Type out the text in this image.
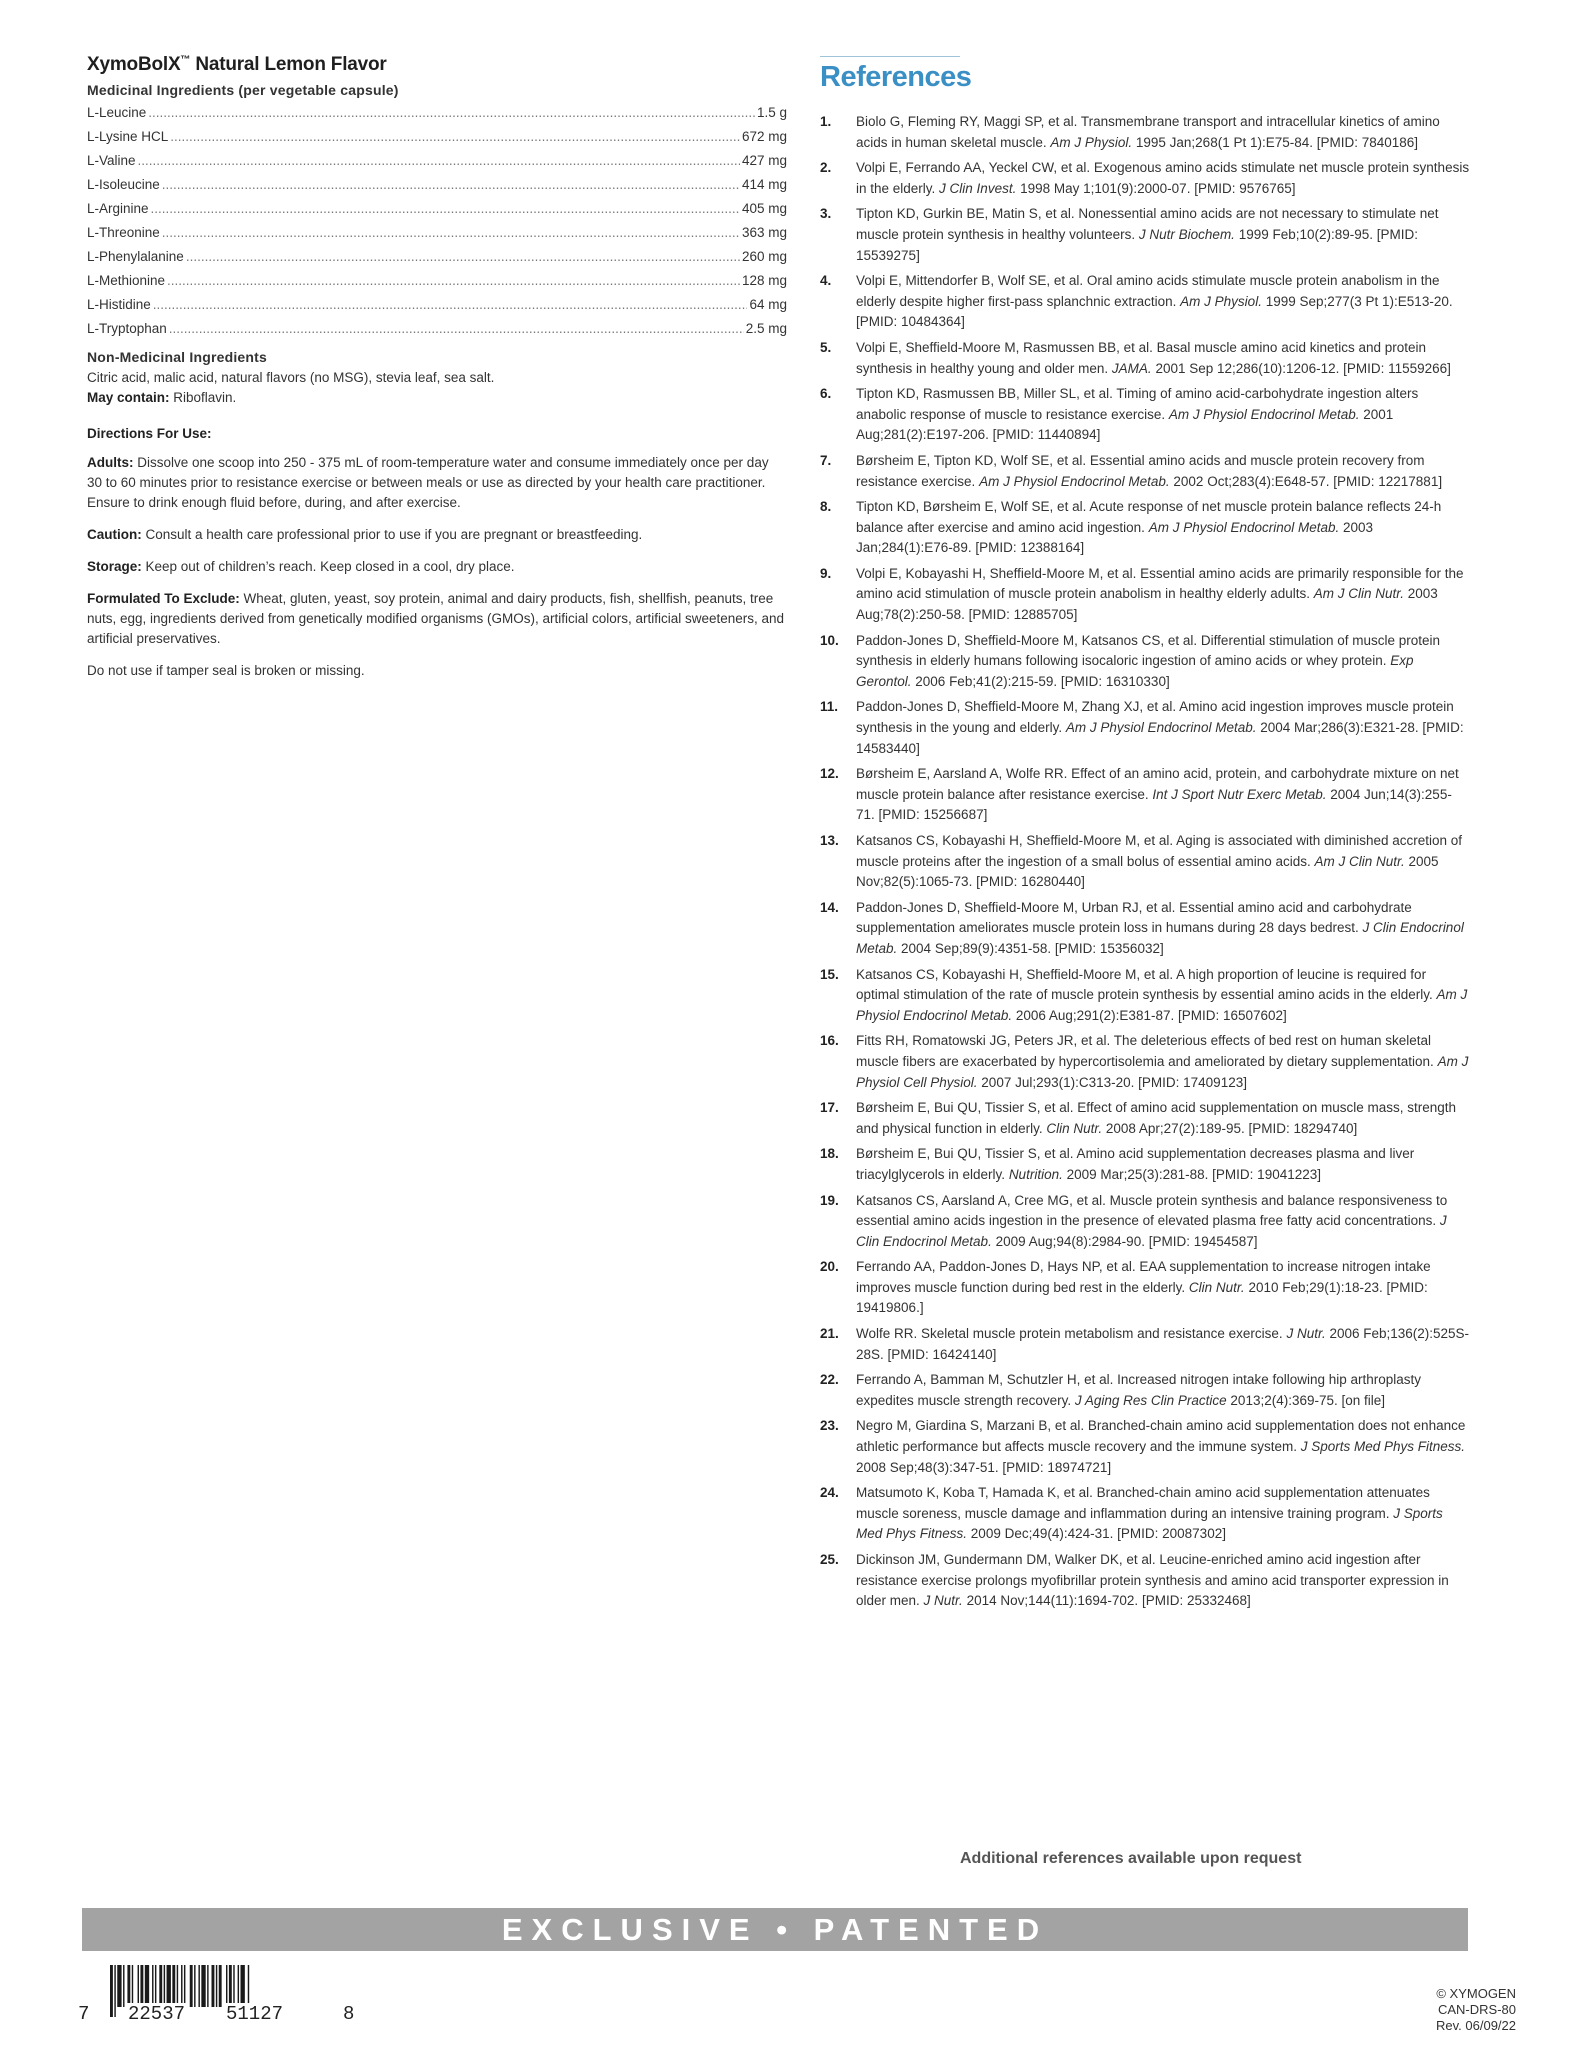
XymoBolX™ Natural Lemon Flavor
Medicinal Ingredients (per vegetable capsule)
L-Leucine .....	1.5 g
L-Lysine HCL .....	672 mg
L-Valine .....	427 mg
L-Isoleucine .....	414 mg
L-Arginine .....	405 mg
L-Threonine .....	363 mg
L-Phenylalanine .....	260 mg
L-Methionine .....	128 mg
L-Histidine .....	64 mg
L-Tryptophan .....	2.5 mg
Non-Medicinal Ingredients
Citric acid, malic acid, natural flavors (no MSG), stevia leaf, sea salt.
May contain: Riboflavin.
Directions For Use:
Adults: Dissolve one scoop into 250 - 375 mL of room-temperature water and consume immediately once per day 30 to 60 minutes prior to resistance exercise or between meals or use as directed by your health care practitioner. Ensure to drink enough fluid before, during, and after exercise.
Caution: Consult a health care professional prior to use if you are pregnant or breastfeeding.
Storage: Keep out of children’s reach. Keep closed in a cool, dry place.
Formulated To Exclude: Wheat, gluten, yeast, soy protein, animal and dairy products, fish, shellfish, peanuts, tree nuts, egg, ingredients derived from genetically modified organisms (GMOs), artificial colors, artificial sweeteners, and artificial preservatives.
Do not use if tamper seal is broken or missing.
References
1.	Biolo G, Fleming RY, Maggi SP, et al. Transmembrane transport and intracellular kinetics of amino acids in human skeletal muscle. Am J Physiol. 1995 Jan;268(1 Pt 1):E75-84. [PMID: 7840186]
2.	Volpi E, Ferrando AA, Yeckel CW, et al. Exogenous amino acids stimulate net muscle protein synthesis in the elderly. J Clin Invest. 1998 May 1;101(9):2000-07. [PMID: 9576765]
3.	Tipton KD, Gurkin BE, Matin S, et al. Nonessential amino acids are not necessary to stimulate net muscle protein synthesis in healthy volunteers. J Nutr Biochem. 1999 Feb;10(2):89-95. [PMID: 15539275]
4.	Volpi E, Mittendorfer B, Wolf SE, et al. Oral amino acids stimulate muscle protein anabolism in the elderly despite higher first-pass splanchnic extraction. Am J Physiol. 1999 Sep;277(3 Pt 1):E513-20. [PMID: 10484364]
5.	Volpi E, Sheffield-Moore M, Rasmussen BB, et al. Basal muscle amino acid kinetics and protein synthesis in healthy young and older men. JAMA. 2001 Sep 12;286(10):1206-12. [PMID: 11559266]
6.	Tipton KD, Rasmussen BB, Miller SL, et al. Timing of amino acid-carbohydrate ingestion alters anabolic response of muscle to resistance exercise. Am J Physiol Endocrinol Metab. 2001 Aug;281(2):E197-206. [PMID: 11440894]
7.	Børsheim E, Tipton KD, Wolf SE, et al. Essential amino acids and muscle protein recovery from resistance exercise. Am J Physiol Endocrinol Metab. 2002 Oct;283(4):E648-57. [PMID: 12217881]
8.	Tipton KD, Børsheim E, Wolf SE, et al. Acute response of net muscle protein balance reflects 24-h balance after exercise and amino acid ingestion. Am J Physiol Endocrinol Metab. 2003 Jan;284(1):E76-89. [PMID: 12388164]
9.	Volpi E, Kobayashi H, Sheffield-Moore M, et al. Essential amino acids are primarily responsible for the amino acid stimulation of muscle protein anabolism in healthy elderly adults. Am J Clin Nutr. 2003 Aug;78(2):250-58. [PMID: 12885705]
10.	Paddon-Jones D, Sheffield-Moore M, Katsanos CS, et al. Differential stimulation of muscle protein synthesis in elderly humans following isocaloric ingestion of amino acids or whey protein. Exp Gerontol. 2006 Feb;41(2):215-59. [PMID: 16310330]
11.	Paddon-Jones D, Sheffield-Moore M, Zhang XJ, et al. Amino acid ingestion improves muscle protein synthesis in the young and elderly. Am J Physiol Endocrinol Metab. 2004 Mar;286(3):E321-28. [PMID: 14583440]
12.	Børsheim E, Aarsland A, Wolfe RR. Effect of an amino acid, protein, and carbohydrate mixture on net muscle protein balance after resistance exercise. Int J Sport Nutr Exerc Metab. 2004 Jun;14(3):255-71. [PMID: 15256687]
13.	Katsanos CS, Kobayashi H, Sheffield-Moore M, et al. Aging is associated with diminished accretion of muscle proteins after the ingestion of a small bolus of essential amino acids. Am J Clin Nutr. 2005 Nov;82(5):1065-73. [PMID: 16280440]
14.	Paddon-Jones D, Sheffield-Moore M, Urban RJ, et al. Essential amino acid and carbohydrate supplementation ameliorates muscle protein loss in humans during 28 days bedrest. J Clin Endocrinol Metab. 2004 Sep;89(9):4351-58. [PMID: 15356032]
15.	Katsanos CS, Kobayashi H, Sheffield-Moore M, et al. A high proportion of leucine is required for optimal stimulation of the rate of muscle protein synthesis by essential amino acids in the elderly. Am J Physiol Endocrinol Metab. 2006 Aug;291(2):E381-87. [PMID: 16507602]
16.	Fitts RH, Romatowski JG, Peters JR, et al. The deleterious effects of bed rest on human skeletal muscle fibers are exacerbated by hypercortisolemia and ameliorated by dietary supplementation. Am J Physiol Cell Physiol. 2007 Jul;293(1):C313-20. [PMID: 17409123]
17.	Børsheim E, Bui QU, Tissier S, et al. Effect of amino acid supplementation on muscle mass, strength and physical function in elderly. Clin Nutr. 2008 Apr;27(2):189-95. [PMID: 18294740]
18.	Børsheim E, Bui QU, Tissier S, et al. Amino acid supplementation decreases plasma and liver triacylglycerols in elderly. Nutrition. 2009 Mar;25(3):281-88. [PMID: 19041223]
19.	Katsanos CS, Aarsland A, Cree MG, et al. Muscle protein synthesis and balance responsiveness to essential amino acids ingestion in the presence of elevated plasma free fatty acid concentrations. J Clin Endocrinol Metab. 2009 Aug;94(8):2984-90. [PMID: 19454587]
20.	Ferrando AA, Paddon-Jones D, Hays NP, et al. EAA supplementation to increase nitrogen intake improves muscle function during bed rest in the elderly. Clin Nutr. 2010 Feb;29(1):18-23. [PMID: 19419806.]
21.	Wolfe RR. Skeletal muscle protein metabolism and resistance exercise. J Nutr. 2006 Feb;136(2):525S-28S. [PMID: 16424140]
22.	Ferrando A, Bamman M, Schutzler H, et al. Increased nitrogen intake following hip arthroplasty expedites muscle strength recovery. J Aging Res Clin Practice 2013;2(4):369-75. [on file]
23.	Negro M, Giardina S, Marzani B, et al. Branched-chain amino acid supplementation does not enhance athletic performance but affects muscle recovery and the immune system. J Sports Med Phys Fitness. 2008 Sep;48(3):347-51. [PMID: 18974721]
24.	Matsumoto K, Koba T, Hamada K, et al. Branched-chain amino acid supplementation attenuates muscle soreness, muscle damage and inflammation during an intensive training program. J Sports Med Phys Fitness. 2009 Dec;49(4):424-31. [PMID: 20087302]
25.	Dickinson JM, Gundermann DM, Walker DK, et al. Leucine-enriched amino acid ingestion after resistance exercise prolongs myofibrillar protein synthesis and amino acid transporter expression in older men. J Nutr. 2014 Nov;144(11):1694-702. [PMID: 25332468]
Additional references available upon request
EXCLUSIVE • PATENTED
7 22537 51127	8
© XYMOGEN
CAN-DRS-80
Rev. 06/09/22
